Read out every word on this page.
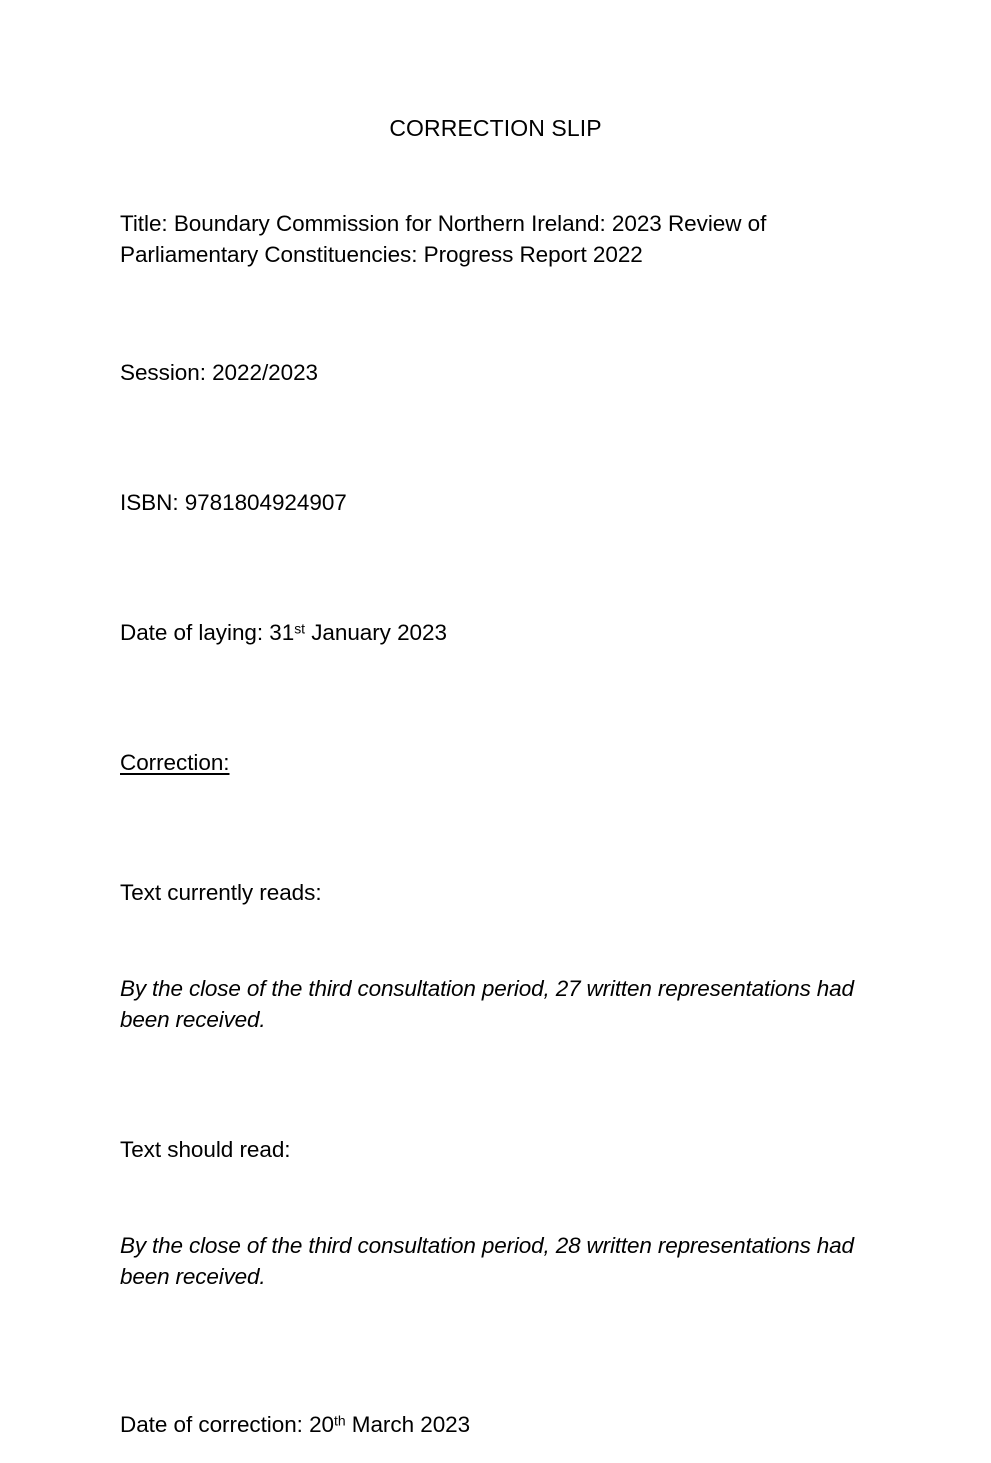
CORRECTION SLIP

Title: Boundary Commission for Northern Ireland: 2023 Review of Parliamentary Constituencies: Progress Report 2022

Session: 2022/2023

ISBN: 9781804924907

Date of laying: 31st January 2023

Correction:

Text currently reads:

By the close of the third consultation period, 27 written representations had been received.

Text should read:

By the close of the third consultation period, 28 written representations had been received.

Date of correction: 20th March 2023
